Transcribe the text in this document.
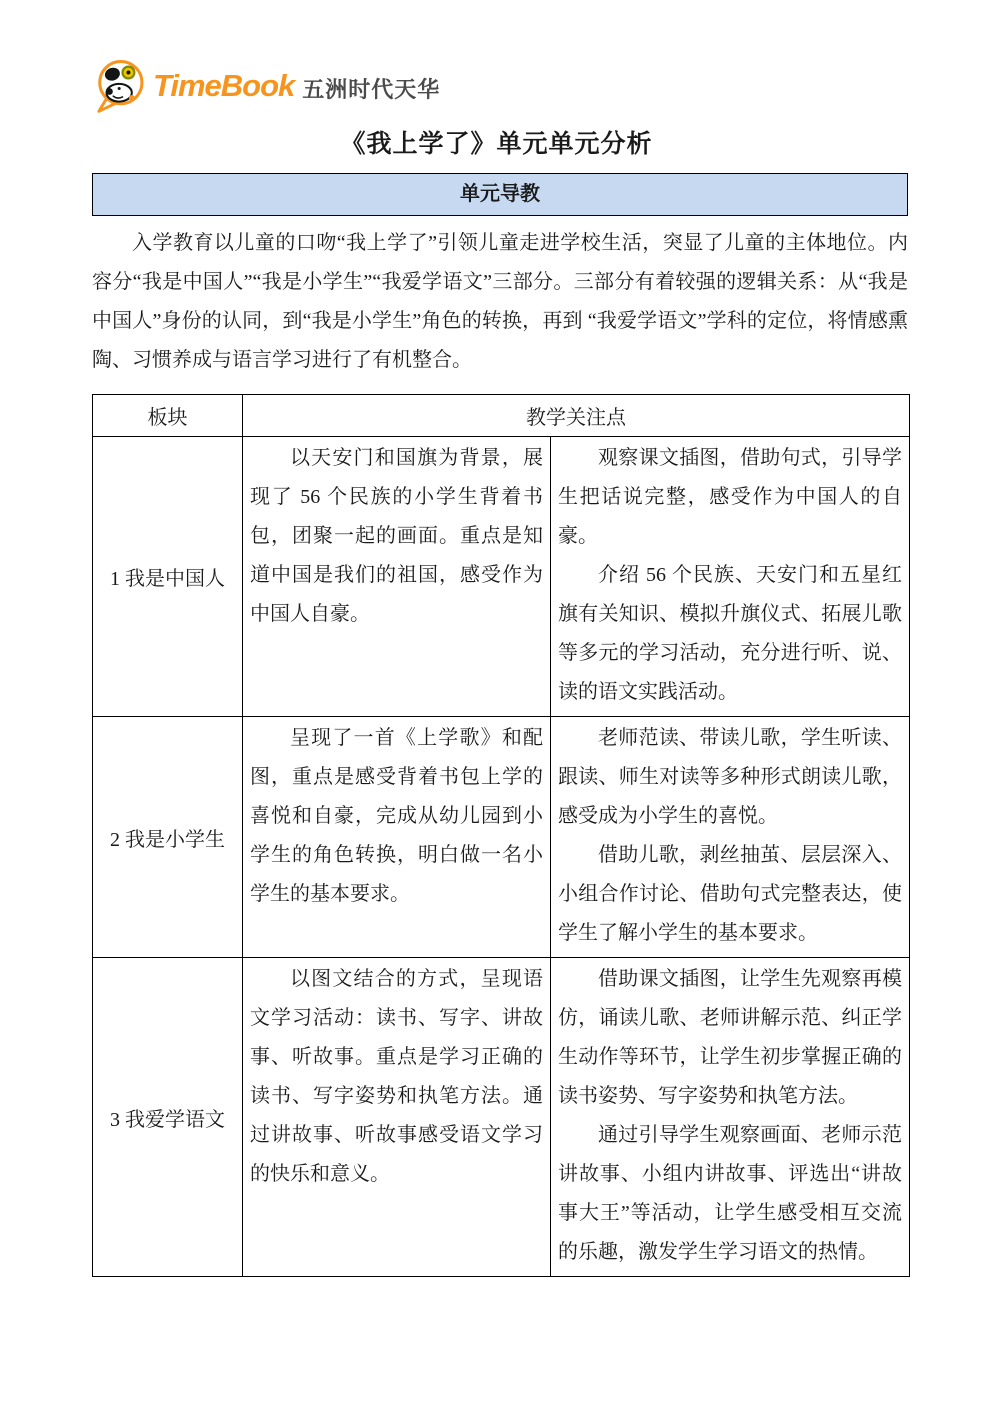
TimeBook 五洲时代天华
《我上学了》单元单元分析
单元导教

入学教育以儿童的口吻“我上学了”引领儿童走进学校生活，突显了儿童的主体地位。内容分“我是中国人”“我是小学生”“我爱学语文”三部分。三部分有着较强的逻辑关系：从“我是中国人”身份的认同，到“我是小学生”角色的转换，再到 “我爱学语文”学科的定位，将情感熏陶、习惯养成与语言学习进行了有机整合。

板块	教学关注点	
1 我是中国人	以天安门和国旗为背景，展现了 56 个民族的小学生背着书包，团聚一起的画面。重点是知道中国是我们的祖国，感受作为中国人自豪。	观察课文插图，借助句式，引导学生把话说完整，感受作为中国人的自豪。

介绍 56 个民族、天安门和五星红旗有关知识、模拟升旗仪式、拓展儿歌等多元的学习活动，充分进行听、说、读的语文实践活动。

2 我是小学生	呈现了一首《上学歌》和配图，重点是感受背着书包上学的喜悦和自豪，完成从幼儿园到小学生的角色转换，明白做一名小学生的基本要求。	老师范读、带读儿歌，学生听读、跟读、师生对读等多种形式朗读儿歌，感受成为小学生的喜悦。

借助儿歌，剥丝抽茧、层层深入、小组合作讨论、借助句式完整表达，使学生了解小学生的基本要求。

3 我爱学语文	以图文结合的方式，呈现语文学习活动：读书、写字、讲故事、听故事。重点是学习正确的读书、写字姿势和执笔方法。通过讲故事、听故事感受语文学习的快乐和意义。	借助课文插图，让学生先观察再模仿，诵读儿歌、老师讲解示范、纠正学生动作等环节，让学生初步掌握正确的读书姿势、写字姿势和执笔方法。

通过引导学生观察画面、老师示范讲故事、小组内讲故事、评选出“讲故事大王”等活动，让学生感受相互交流的乐趣，激发学生学习语文的热情。
